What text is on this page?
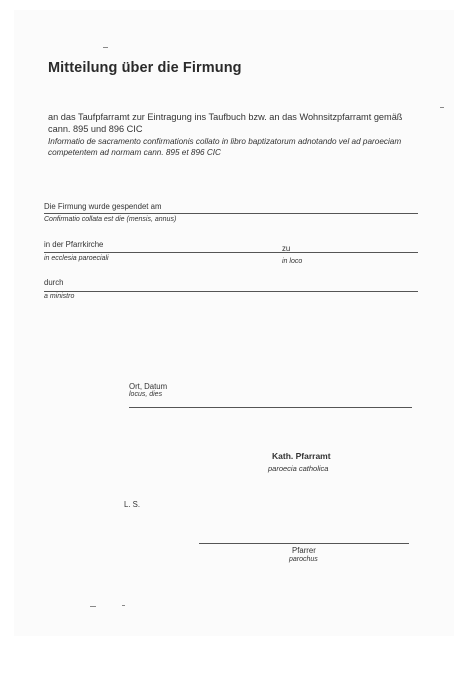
Mitteilung über die Firmung
an das Taufpfarramt zur Eintragung ins Taufbuch bzw. an das Wohnsitzpfarramt gemäß
cann. 895 und 896 CIC
Informatio de sacramento confirmationis collato in libro baptizatorum adnotando vel ad paroeciam
competentem ad normam cann. 895 et 896 CIC
Die Firmung wurde gespendet am
Confirmatio collata est die (mensis, annus)
in der Pfarrkirche
in ecclesia paroeciali
zu
in loco
durch
a ministro
Ort, Datum
locus, dies
Kath. Pfarramt
paroecia catholica
L. S.
Pfarrer
parochus
